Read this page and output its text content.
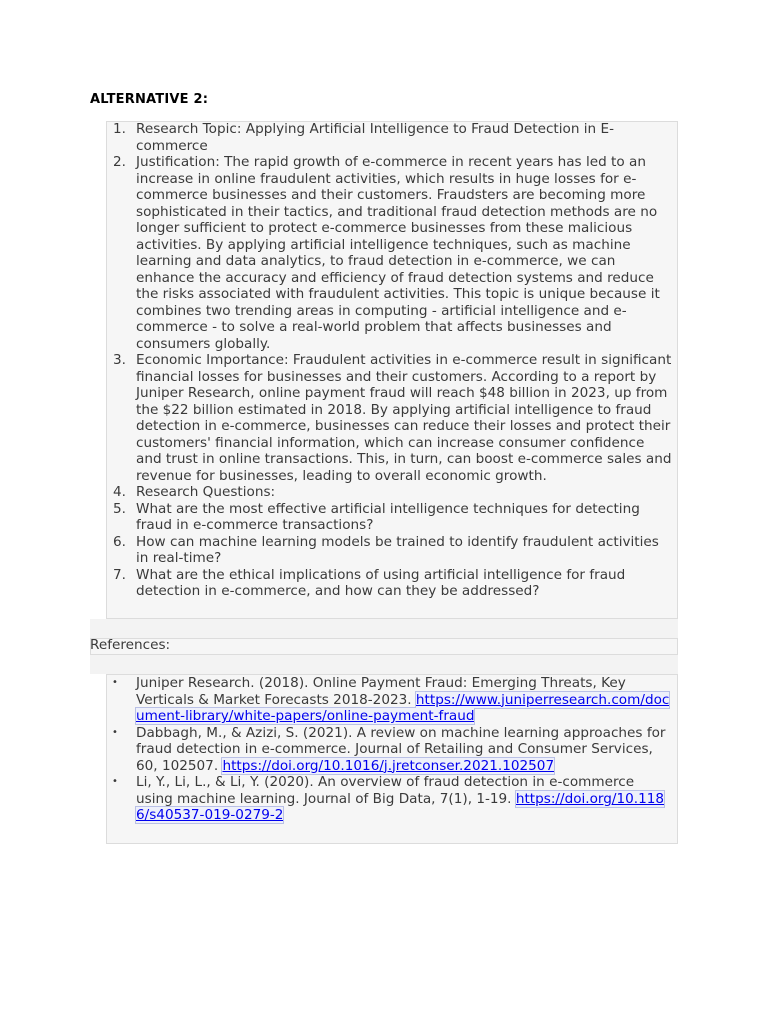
ALTERNATIVE 2:
1. Research Topic: Applying Artificial Intelligence to Fraud Detection in E-commerce
2. Justification: The rapid growth of e-commerce in recent years has led to an increase in online fraudulent activities, which results in huge losses for e-commerce businesses and their customers. Fraudsters are becoming more sophisticated in their tactics, and traditional fraud detection methods are no longer sufficient to protect e-commerce businesses from these malicious activities. By applying artificial intelligence techniques, such as machine learning and data analytics, to fraud detection in e-commerce, we can enhance the accuracy and efficiency of fraud detection systems and reduce the risks associated with fraudulent activities. This topic is unique because it combines two trending areas in computing - artificial intelligence and e-commerce - to solve a real-world problem that affects businesses and consumers globally.
3. Economic Importance: Fraudulent activities in e-commerce result in significant financial losses for businesses and their customers. According to a report by Juniper Research, online payment fraud will reach $48 billion in 2023, up from the $22 billion estimated in 2018. By applying artificial intelligence to fraud detection in e-commerce, businesses can reduce their losses and protect their customers' financial information, which can increase consumer confidence and trust in online transactions. This, in turn, can boost e-commerce sales and revenue for businesses, leading to overall economic growth.
4. Research Questions:
5. What are the most effective artificial intelligence techniques for detecting fraud in e-commerce transactions?
6. How can machine learning models be trained to identify fraudulent activities in real-time?
7. What are the ethical implications of using artificial intelligence for fraud detection in e-commerce, and how can they be addressed?
References:
• Juniper Research. (2018). Online Payment Fraud: Emerging Threats, Key Verticals & Market Forecasts 2018-2023. https://www.juniperresearch.com/document-library/white-papers/online-payment-fraud
• Dabbagh, M., & Azizi, S. (2021). A review on machine learning approaches for fraud detection in e-commerce. Journal of Retailing and Consumer Services, 60, 102507. https://doi.org/10.1016/j.jretconser.2021.102507
• Li, Y., Li, L., & Li, Y. (2020). An overview of fraud detection in e-commerce using machine learning. Journal of Big Data, 7(1), 1-19. https://doi.org/10.1186/s40537-019-0279-2
